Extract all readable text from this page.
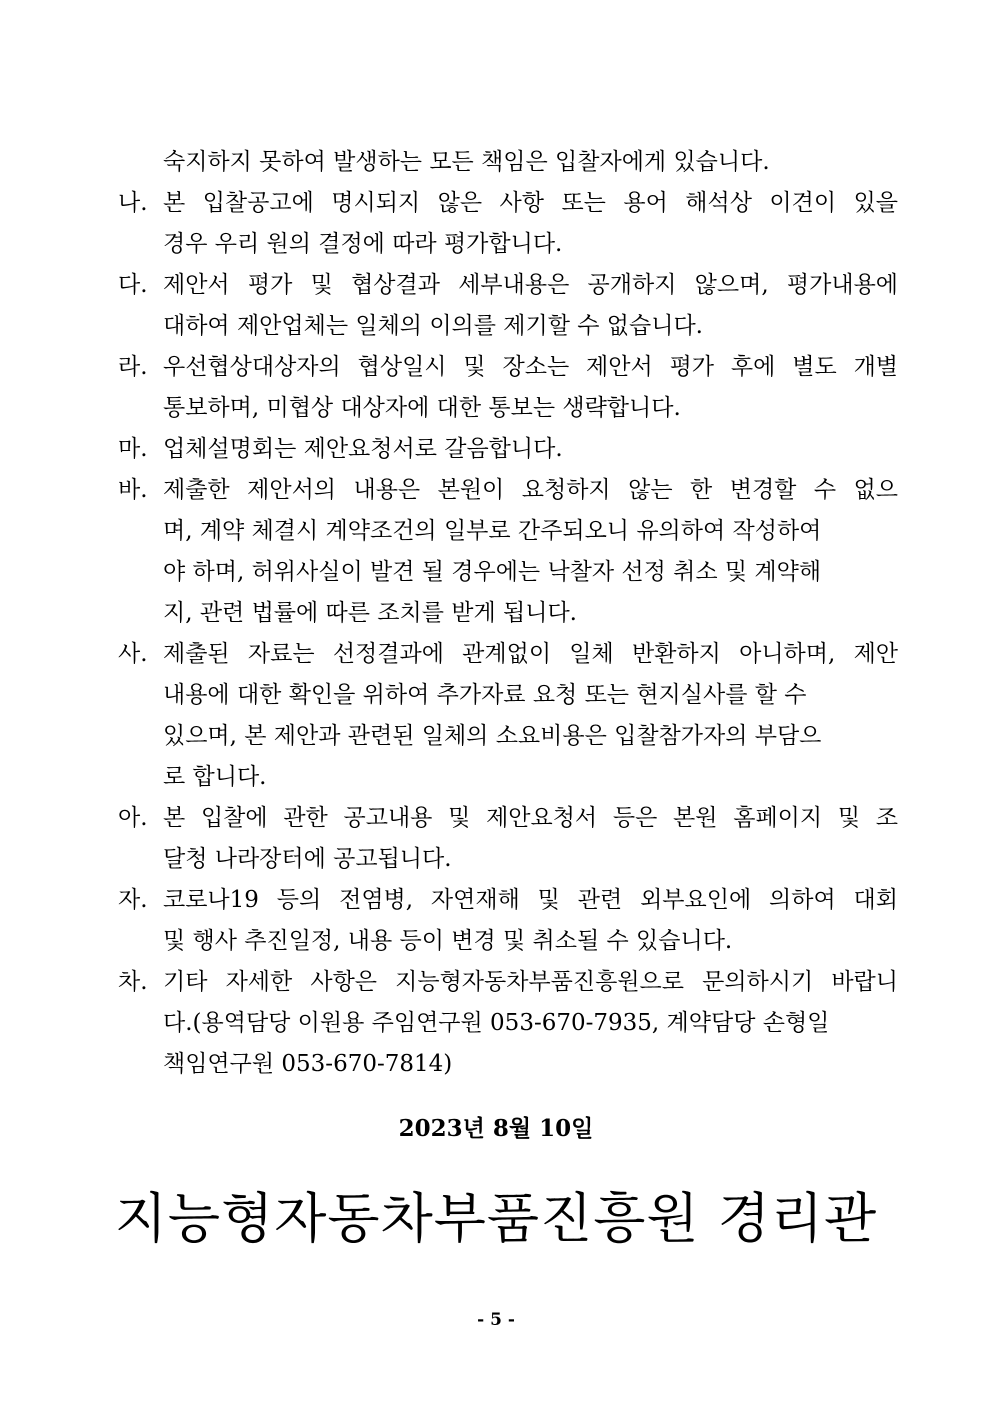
숙지하지 못하여 발생하는 모든 책임은 입찰자에게 있습니다.
나. 본 입찰공고에 명시되지 않은 사항 또는 용어 해석상 이견이 있을
경우 우리 원의 결정에 따라 평가합니다.
다. 제안서 평가 및 협상결과 세부내용은 공개하지 않으며, 평가내용에
대하여 제안업체는 일체의 이의를 제기할 수 없습니다.
라. 우선협상대상자의 협상일시 및 장소는 제안서 평가 후에 별도 개별
통보하며, 미협상 대상자에 대한 통보는 생략합니다.
마. 업체설명회는 제안요청서로 갈음합니다.
바. 제출한 제안서의 내용은 본원이 요청하지 않는 한 변경할 수 없으
며, 계약 체결시 계약조건의 일부로 간주되오니 유의하여 작성하여
야 하며, 허위사실이 발견 될 경우에는 낙찰자 선정 취소 및 계약해
지, 관련 법률에 따른 조치를 받게 됩니다.
사. 제출된 자료는 선정결과에 관계없이 일체 반환하지 아니하며, 제안
내용에 대한 확인을 위하여 추가자료 요청 또는 현지실사를 할 수
있으며, 본 제안과 관련된 일체의 소요비용은 입찰참가자의 부담으
로 합니다.
아. 본 입찰에 관한 공고내용 및 제안요청서 등은 본원 홈페이지 및 조
달청 나라장터에 공고됩니다.
자. 코로나19 등의 전염병, 자연재해 및 관련 외부요인에 의하여 대회
및 행사 추진일정, 내용 등이 변경 및 취소될 수 있습니다.
차. 기타 자세한 사항은 지능형자동차부품진흥원으로 문의하시기 바랍니
다.(용역담당 이원용 주임연구원 053-670-7935, 계약담당 손형일
책임연구원 053-670-7814)
2023년 8월 10일
지능형자동차부품진흥원 경리관
- 5 -
